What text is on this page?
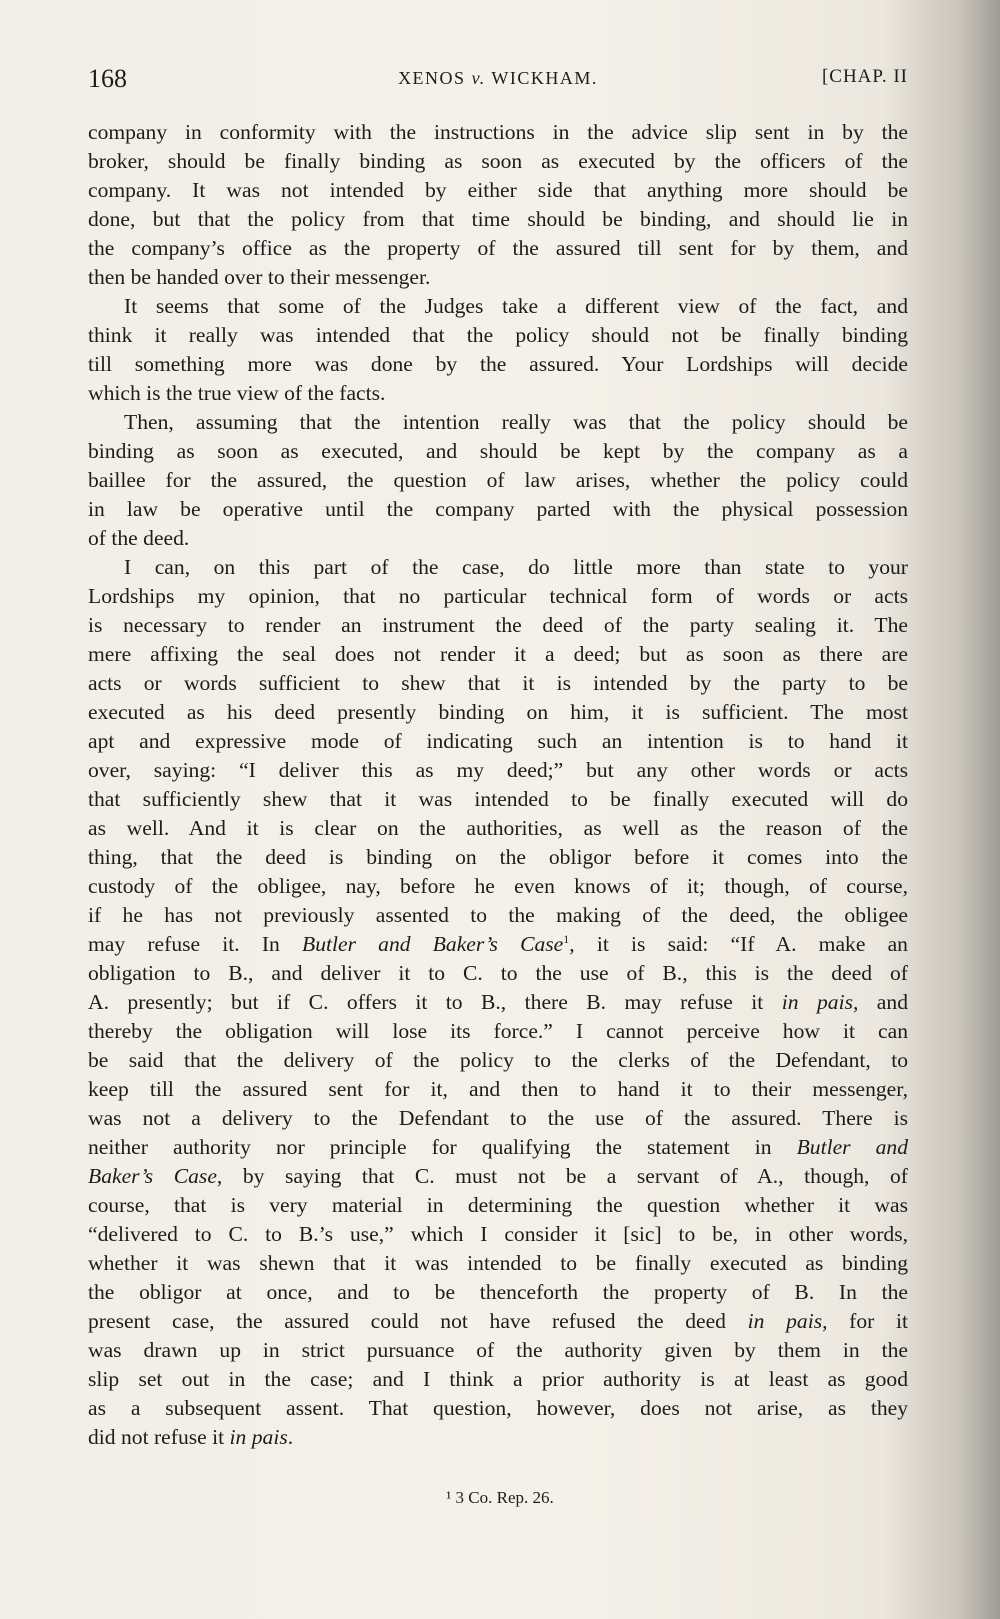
168	XENOS v. WICKHAM.	[CHAP. II
company in conformity with the instructions in the advice slip sent in by the
broker, should be finally binding as soon as executed by the officers of the
company. It was not intended by either side that anything more should be
done, but that the policy from that time should be binding, and should lie in
the company’s office as the property of the assured till sent for by them, and
then be handed over to their messenger.
It seems that some of the Judges take a different view of the fact, and
think it really was intended that the policy should not be finally binding
till something more was done by the assured. Your Lordships will decide
which is the true view of the facts.
Then, assuming that the intention really was that the policy should be
binding as soon as executed, and should be kept by the company as a
baillee for the assured, the question of law arises, whether the policy could
in law be operative until the company parted with the physical possession
of the deed.
I can, on this part of the case, do little more than state to your
Lordships my opinion, that no particular technical form of words or acts
is necessary to render an instrument the deed of the party sealing it. The
mere affixing the seal does not render it a deed; but as soon as there are
acts or words sufficient to shew that it is intended by the party to be
executed as his deed presently binding on him, it is sufficient. The most
apt and expressive mode of indicating such an intention is to hand it
over, saying: “I deliver this as my deed;” but any other words or acts
that sufficiently shew that it was intended to be finally executed will do
as well. And it is clear on the authorities, as well as the reason of the
thing, that the deed is binding on the obligor before it comes into the
custody of the obligee, nay, before he even knows of it; though, of course,
if he has not previously assented to the making of the deed, the obligee
may refuse it. In Butler and Baker’s Case$^1$, it is said: “If A. make an
obligation to B., and deliver it to C. to the use of B., this is the deed of
A. presently; but if C. offers it to B., there B. may refuse it in pais, and
thereby the obligation will lose its force.” I cannot perceive how it can
be said that the delivery of the policy to the clerks of the Defendant, to
keep till the assured sent for it, and then to hand it to their messenger,
was not a delivery to the Defendant to the use of the assured. There is
neither authority nor principle for qualifying the statement in Butler and
Baker’s Case, by saying that C. must not be a servant of A., though, of
course, that is very material in determining the question whether it was
“delivered to C. to B.’s use,” which I consider it [sic] to be, in other words,
whether it was shewn that it was intended to be finally executed as binding
the obligor at once, and to be thenceforth the property of B. In the
present case, the assured could not have refused the deed in pais, for it
was drawn up in strict pursuance of the authority given by them in the
slip set out in the case; and I think a prior authority is at least as good
as a subsequent assent. That question, however, does not arise, as they
did not refuse it in pais.
¹ 3 Co. Rep. 26.
